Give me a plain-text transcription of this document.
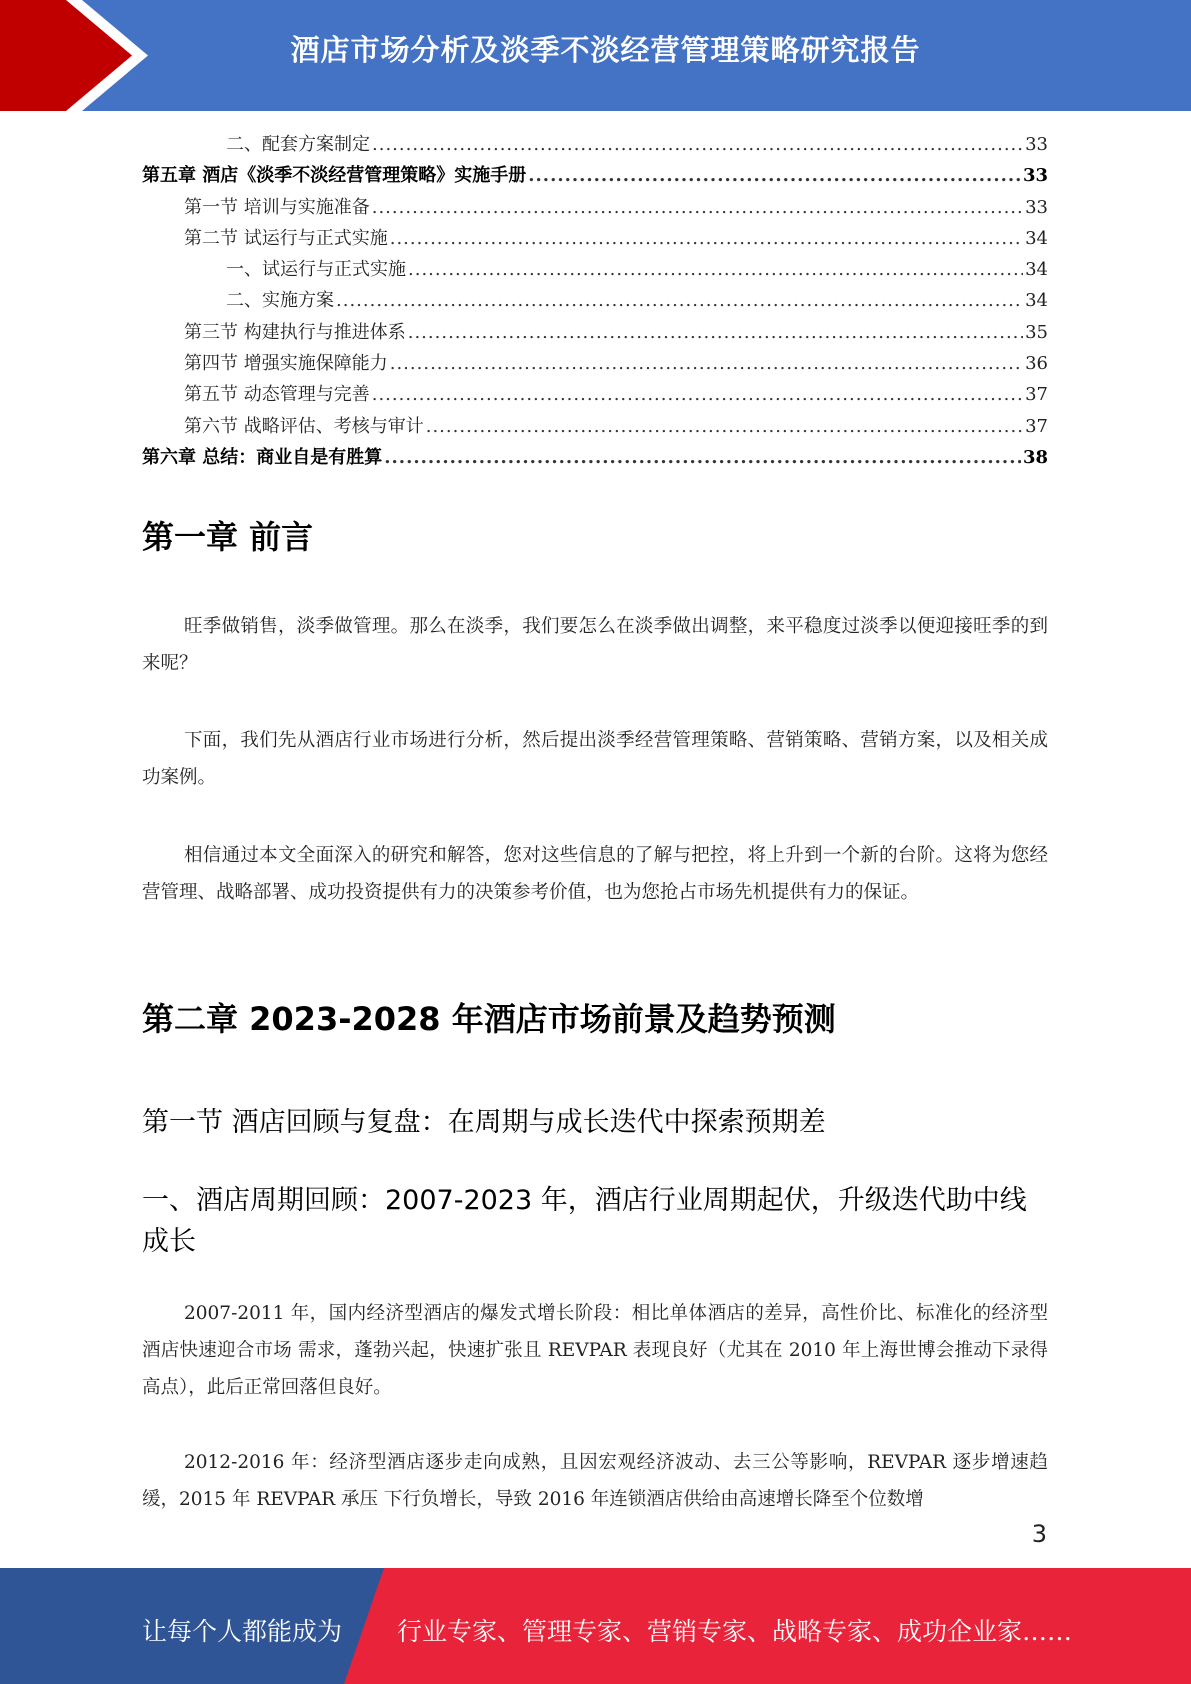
酒店市场分析及淡季不淡经营管理策略研究报告
二、配套方案制定 .....	33
第五章 酒店《淡季不淡经营管理策略》实施手册 .....	33
第一节 培训与实施准备 .....	33
第二节 试运行与正式实施 .....	34
一、试运行与正式实施 .....	34
二、实施方案 .....	34
第三节 构建执行与推进体系 .....	35
第四节 增强实施保障能力 .....	36
第五节 动态管理与完善 .....	37
第六节 战略评估、考核与审计 .....	37
第六章 总结：商业自是有胜算 .....	38
第一章 前言
旺季做销售，淡季做管理。那么在淡季，我们要怎么在淡季做出调整，来平稳度过淡季以便迎接旺季的到来呢？
下面，我们先从酒店行业市场进行分析，然后提出淡季经营管理策略、营销策略、营销方案，以及相关成功案例。
相信通过本文全面深入的研究和解答，您对这些信息的了解与把控，将上升到一个新的台阶。这将为您经营管理、战略部署、成功投资提供有力的决策参考价值，也为您抢占市场先机提供有力的保证。
第二章 2023-2028 年酒店市场前景及趋势预测
第一节 酒店回顾与复盘：在周期与成长迭代中探索预期差
一、酒店周期回顾：2007-2023 年，酒店行业周期起伏，升级迭代助中线成长
2007-2011 年，国内经济型酒店的爆发式增长阶段：相比单体酒店的差异，高性价比、标准化的经济型酒店快速迎合市场 需求，蓬勃兴起，快速扩张且 REVPAR 表现良好（尤其在 2010 年上海世博会推动下录得高点），此后正常回落但良好。
2012-2016 年：经济型酒店逐步走向成熟，且因宏观经济波动、去三公等影响，REVPAR 逐步增速趋缓，2015 年 REVPAR 承压 下行负增长，导致 2016 年连锁酒店供给由高速增长降至个位数增
3
让每个人都能成为 行业专家、管理专家、营销专家、战略专家、成功企业家……
